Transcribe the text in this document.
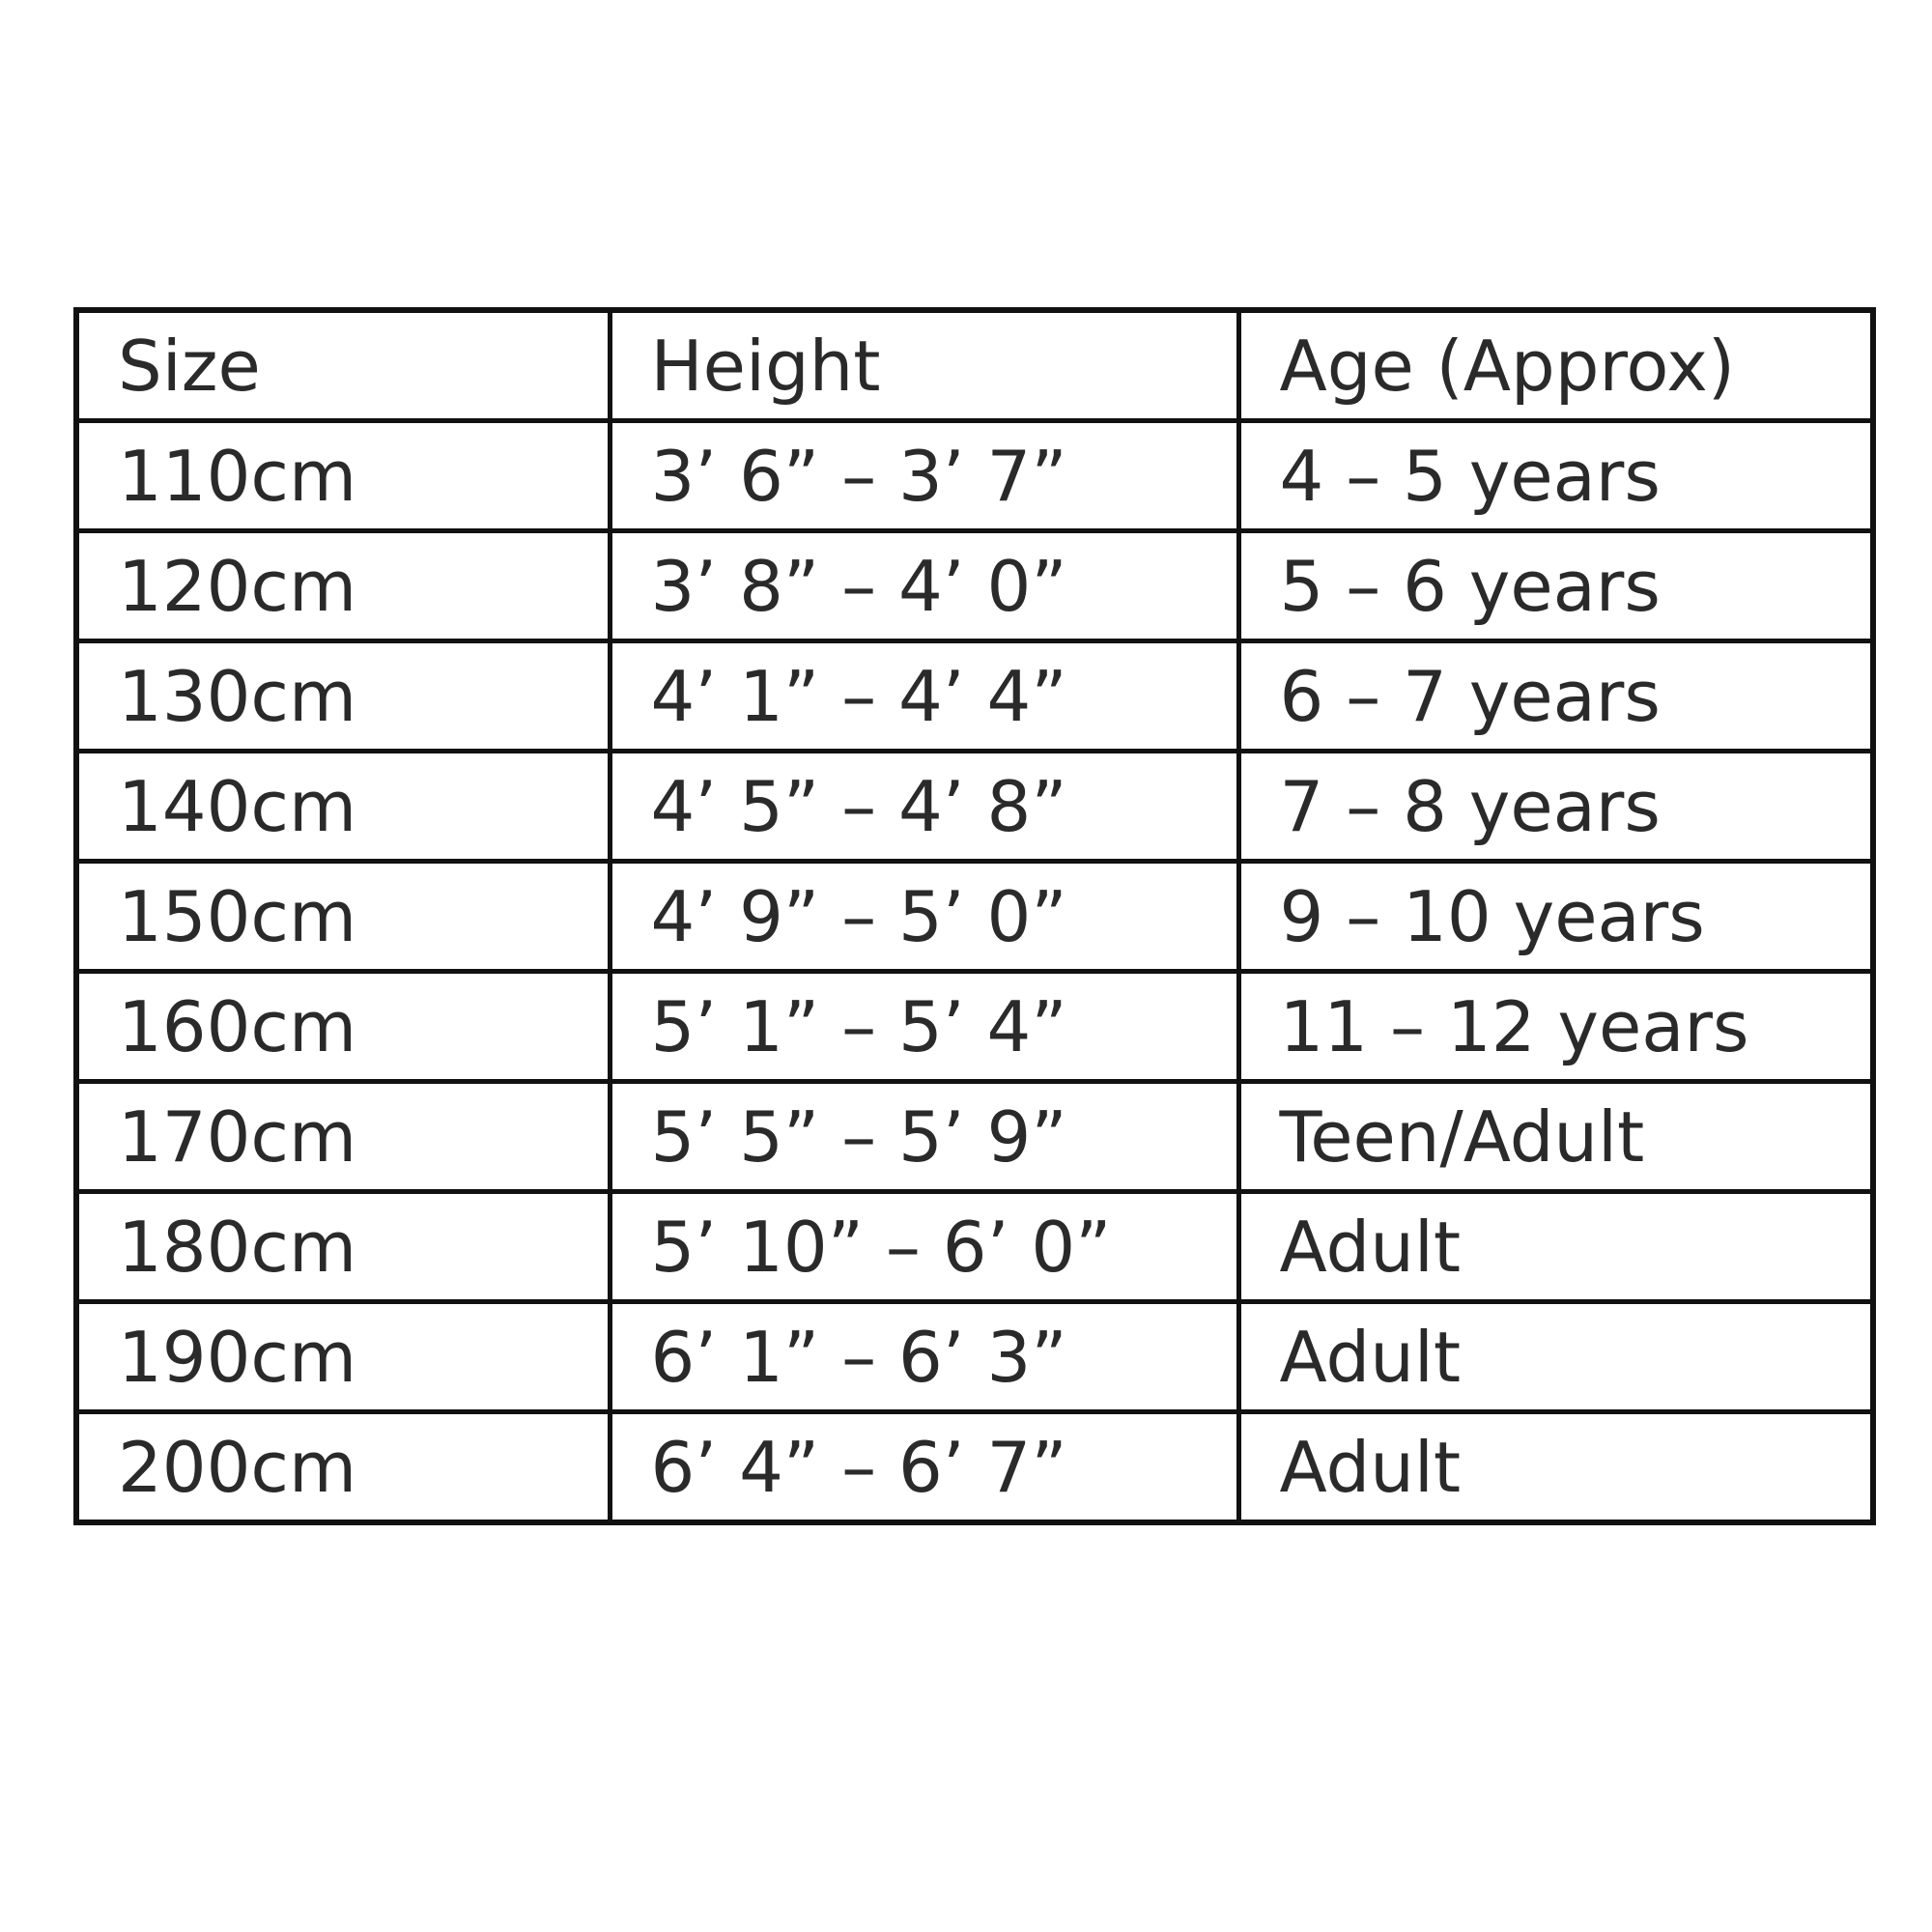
Size	Height	Age (Approx)
110cm	3’ 6” – 3’ 7”	4 – 5 years
120cm	3’ 8” – 4’ 0”	5 – 6 years
130cm	4’ 1” – 4’ 4”	6 – 7 years
140cm	4’ 5” – 4’ 8”	7 – 8 years
150cm	4’ 9” – 5’ 0”	9 – 10 years
160cm	5’ 1” – 5’ 4”	11 – 12 years
170cm	5’ 5” – 5’ 9”	Teen/Adult
180cm	5’ 10” – 6’ 0”	Adult
190cm	6’ 1” – 6’ 3”	Adult
200cm	6’ 4” – 6’ 7”	Adult
